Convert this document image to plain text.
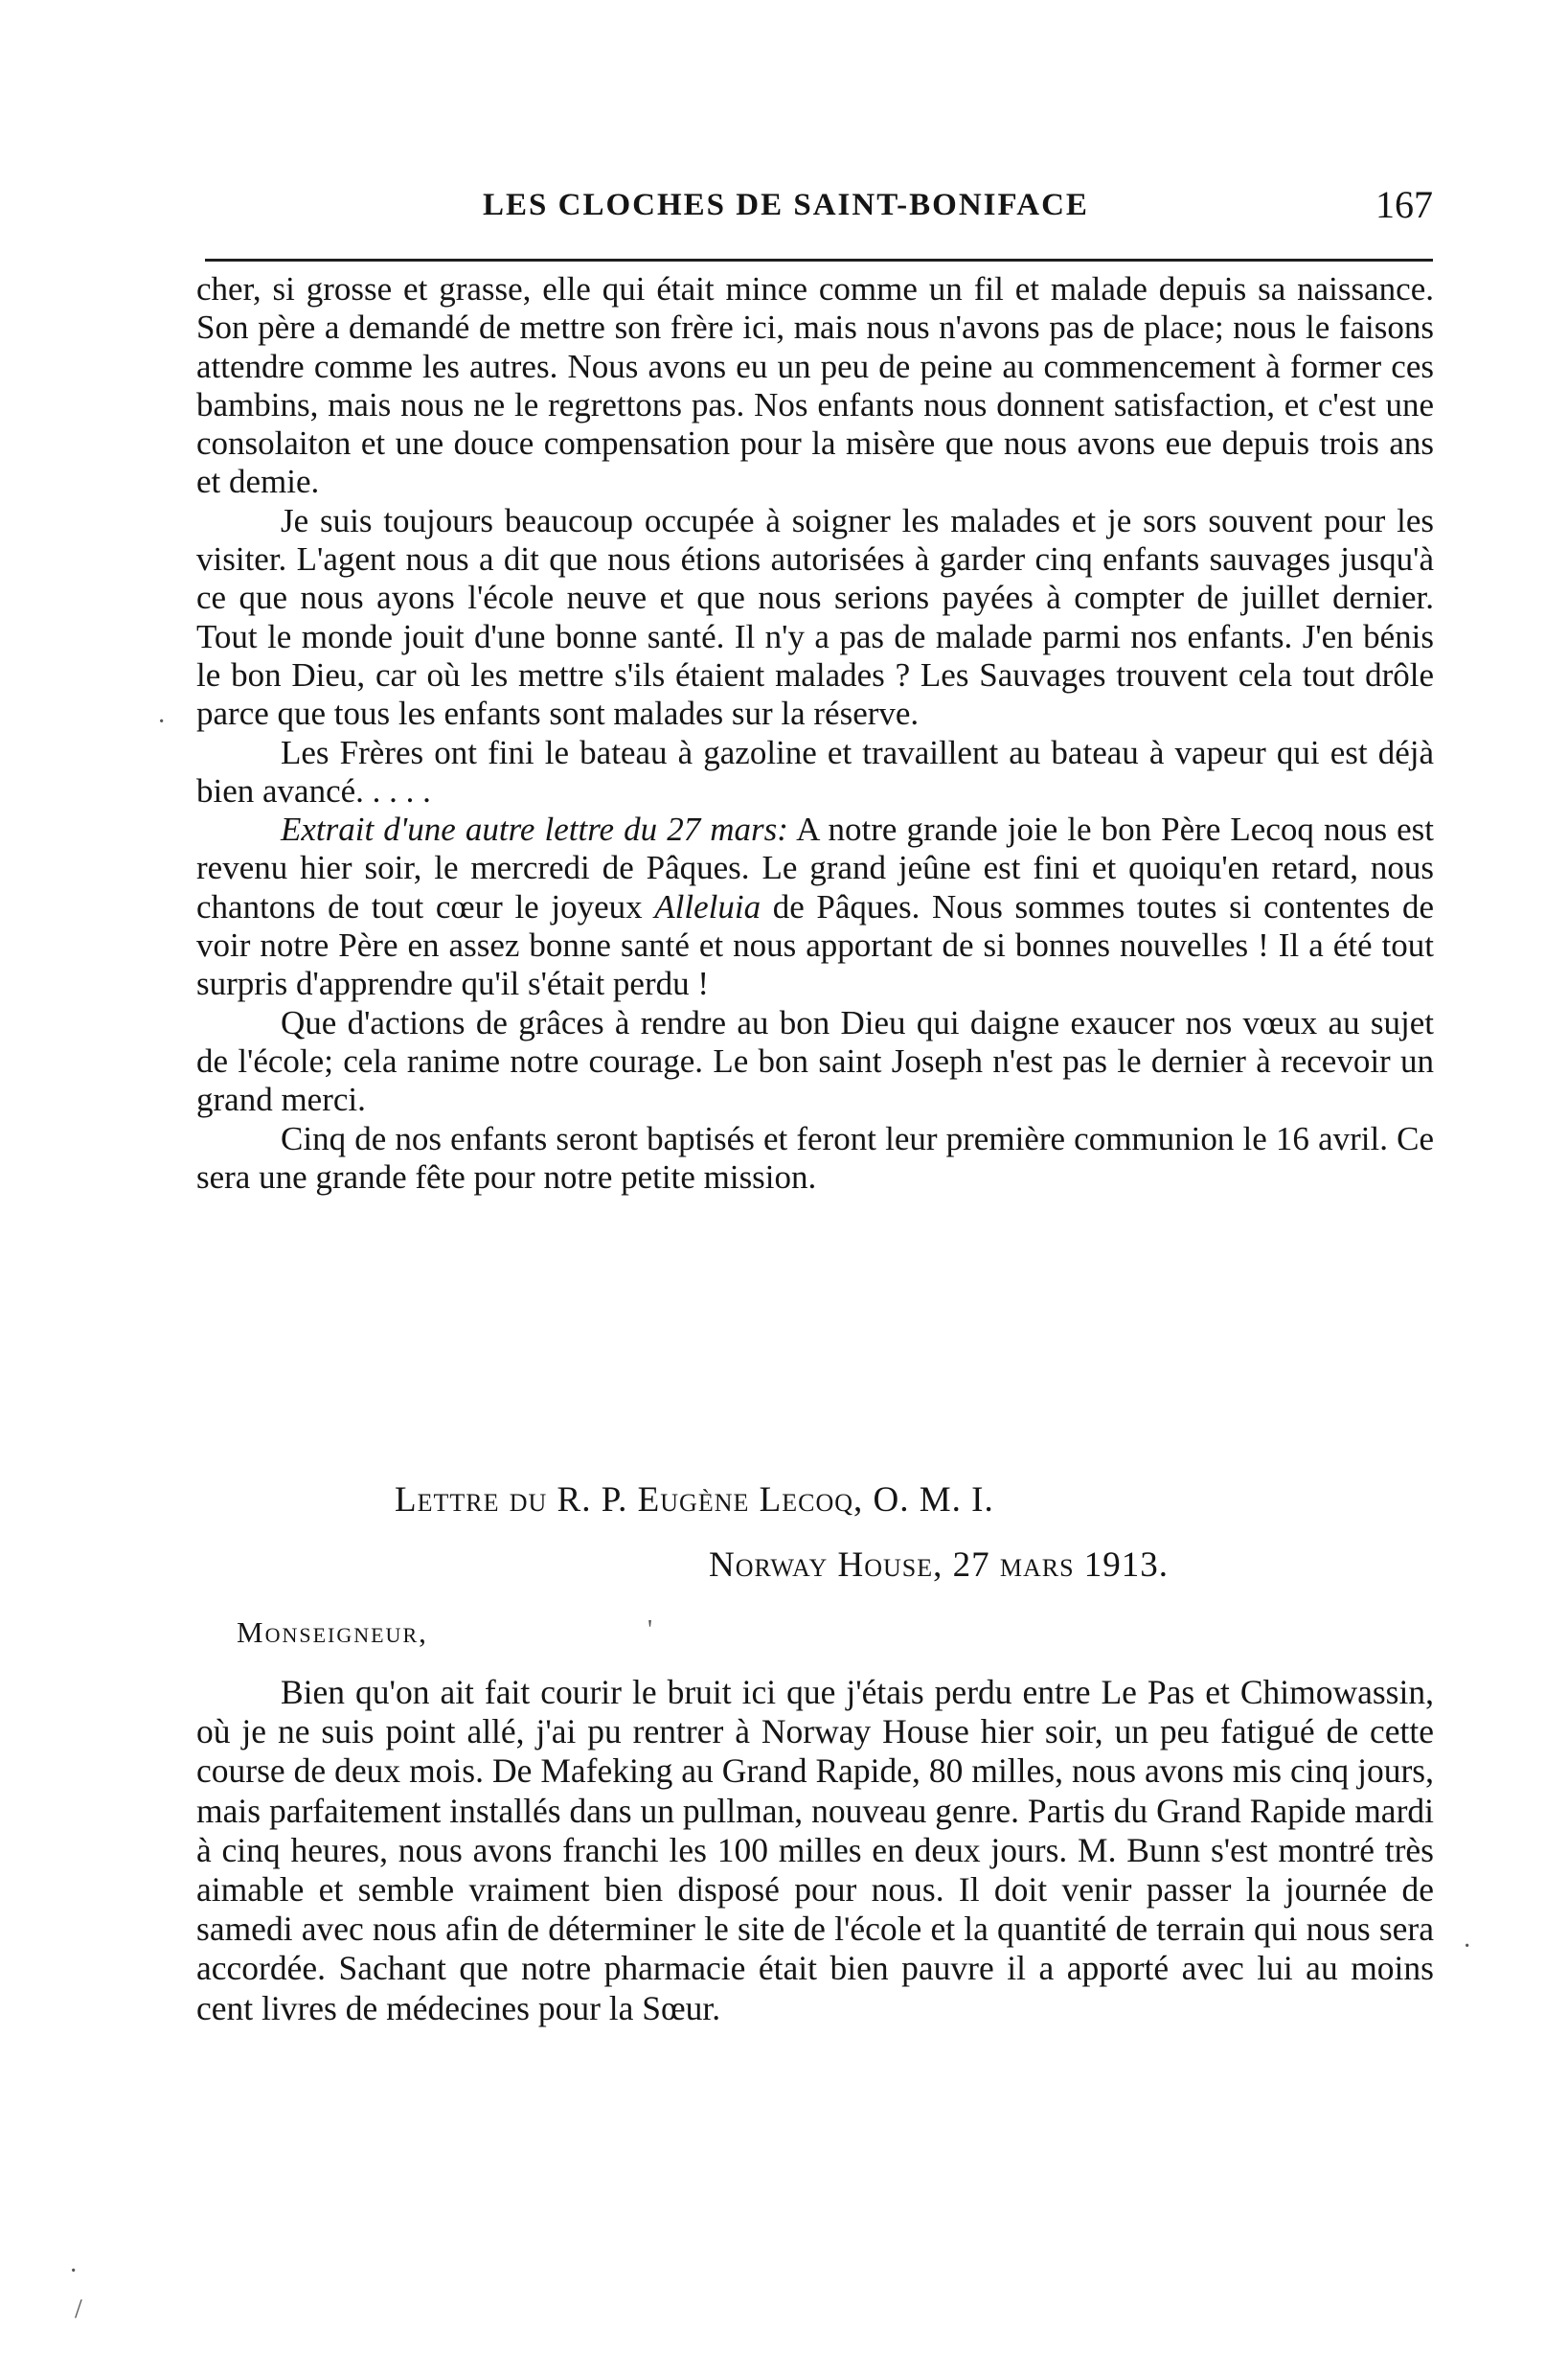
LES CLOCHES DE SAINT-BONIFACE	167

cher, si grosse et grasse, elle qui était mince comme un fil et malade depuis sa naissance. Son père a demandé de mettre son frère ici, mais nous n'avons pas de place; nous le faisons attendre comme les autres. Nous avons eu un peu de peine au commencement à former ces bambins, mais nous ne le regrettons pas. Nos enfants nous donnent satisfaction, et c'est une consolaiton et une douce compensation pour la misère que nous avons eue depuis trois ans et demie.

Je suis toujours beaucoup occupée à soigner les malades et je sors souvent pour les visiter. L'agent nous a dit que nous étions autorisées à garder cinq enfants sauvages jusqu'à ce que nous ayons l'école neuve et que nous serions payées à compter de juillet dernier. Tout le monde jouit d'une bonne santé. Il n'y a pas de malade parmi nos enfants. J'en bénis le bon Dieu, car où les mettre s'ils étaient malades ? Les Sauvages trouvent cela tout drôle parce que tous les enfants sont malades sur la réserve.

Les Frères ont fini le bateau à gazoline et travaillent au bateau à vapeur qui est déjà bien avancé. . . . .

Extrait d'une autre lettre du 27 mars: A notre grande joie le bon Père Lecoq nous est revenu hier soir, le mercredi de Pâques. Le grand jeûne est fini et quoiqu'en retard, nous chantons de tout cœur le joyeux Alleluia de Pâques. Nous sommes toutes si contentes de voir notre Père en assez bonne santé et nous apportant de si bonnes nouvelles ! Il a été tout surpris d'apprendre qu'il s'était perdu !

Que d'actions de grâces à rendre au bon Dieu qui daigne exaucer nos vœux au sujet de l'école; cela ranime notre courage. Le bon saint Joseph n'est pas le dernier à recevoir un grand merci.

Cinq de nos enfants seront baptisés et feront leur première communion le 16 avril. Ce sera une grande fête pour notre petite mission.

Lettre du R. P. Eugène Lecoq, O. M. I.
Norway House, 27 mars 1913.
Monseigneur,

Bien qu'on ait fait courir le bruit ici que j'étais perdu entre Le Pas et Chimowassin, où je ne suis point allé, j'ai pu rentrer à Norway House hier soir, un peu fatigué de cette course de deux mois. De Mafeking au Grand Rapide, 80 milles, nous avons mis cinq jours, mais parfaitement installés dans un pullman, nouveau genre. Partis du Grand Rapide mardi à cinq heures, nous avons franchi les 100 milles en deux jours. M. Bunn s'est montré très aimable et semble vraiment bien disposé pour nous. Il doit venir passer la journée de samedi avec nous afin de déterminer le site de l'école et la quantité de terrain qui nous sera accordée. Sachant que notre pharmacie était bien pauvre il a apporté avec lui au moins cent livres de médecines pour la Sœur.

·
·
'
·
/
